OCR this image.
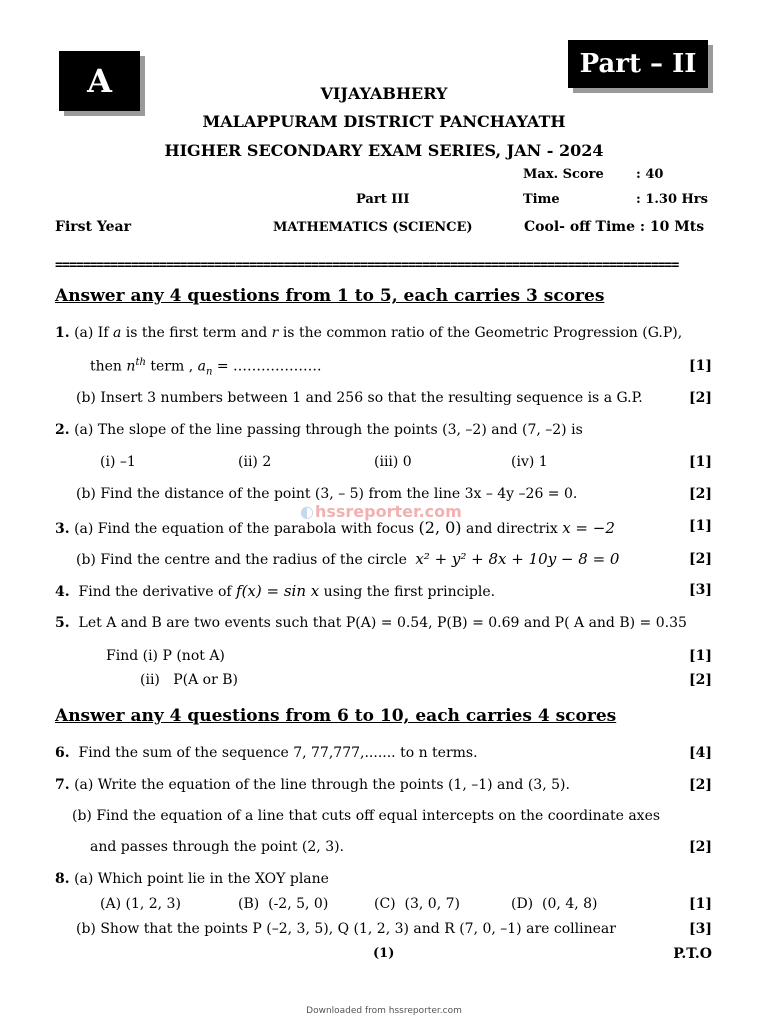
A	Part – II
VIJAYABHERY
MALAPPURAM DISTRICT PANCHAYATH
HIGHER SECONDARY EXAM SERIES, JAN - 2024
Max. Score : 40
Part III	Time	: 1.30 Hrs
First Year	MATHEMATICS (SCIENCE)	Cool- off Time : 10 Mts
==========================================================================================
Answer any 4 questions from 1 to 5, each carries 3 scores
1. (a) If a is the first term and r is the common ratio of the Geometric Progression (G.P),
then $n^{th}$ term , $a_n$ = ……………….	[1]
(b) Insert 3 numbers between 1 and 256 so that the resulting sequence is a G.P.	[2]
2. (a) The slope of the line passing through the points (3, –2) and (7, –2) is
(i) –1	(ii) 2	(iii) 0	(iv) 1	[1]
(b) Find the distance of the point (3, – 5) from the line 3x – 4y –26 = 0.	[2]
3. (a) Find the equation of the parabola with focus (2, 0) and directrix x = −2	[1]
(b) Find the centre and the radius of the circle x² + y² + 8x + 10y − 8 = 0	[2]
4. Find the derivative of f(x) = sin x using the first principle.	[3]
5. Let A and B are two events such that P(A) = 0.54, P(B) = 0.69 and P( A and B) = 0.35
Find (i) P (not A)	[1]
(ii)   P(A or B)	[2]
Answer any 4 questions from 6 to 10, each carries 4 scores
6. Find the sum of the sequence 7, 77,777,....... to n terms.	[4]
7. (a) Write the equation of the line through the points (1, –1) and (3, 5).	[2]
(b) Find the equation of a line that cuts off equal intercepts on the coordinate axes
and passes through the point (2, 3).	[2]
8. (a) Which point lie in the XOY plane
(A) (1, 2, 3)	(B)  (-2, 5, 0)	(C)  (3, 0, 7)	(D)  (0, 4, 8)	[1]
(b) Show that the points P (–2, 3, 5), Q (1, 2, 3) and R (7, 0, –1) are collinear	[3]
(1)	P.T.O
◐hssreporter.com
Downloaded from hssreporter.com
